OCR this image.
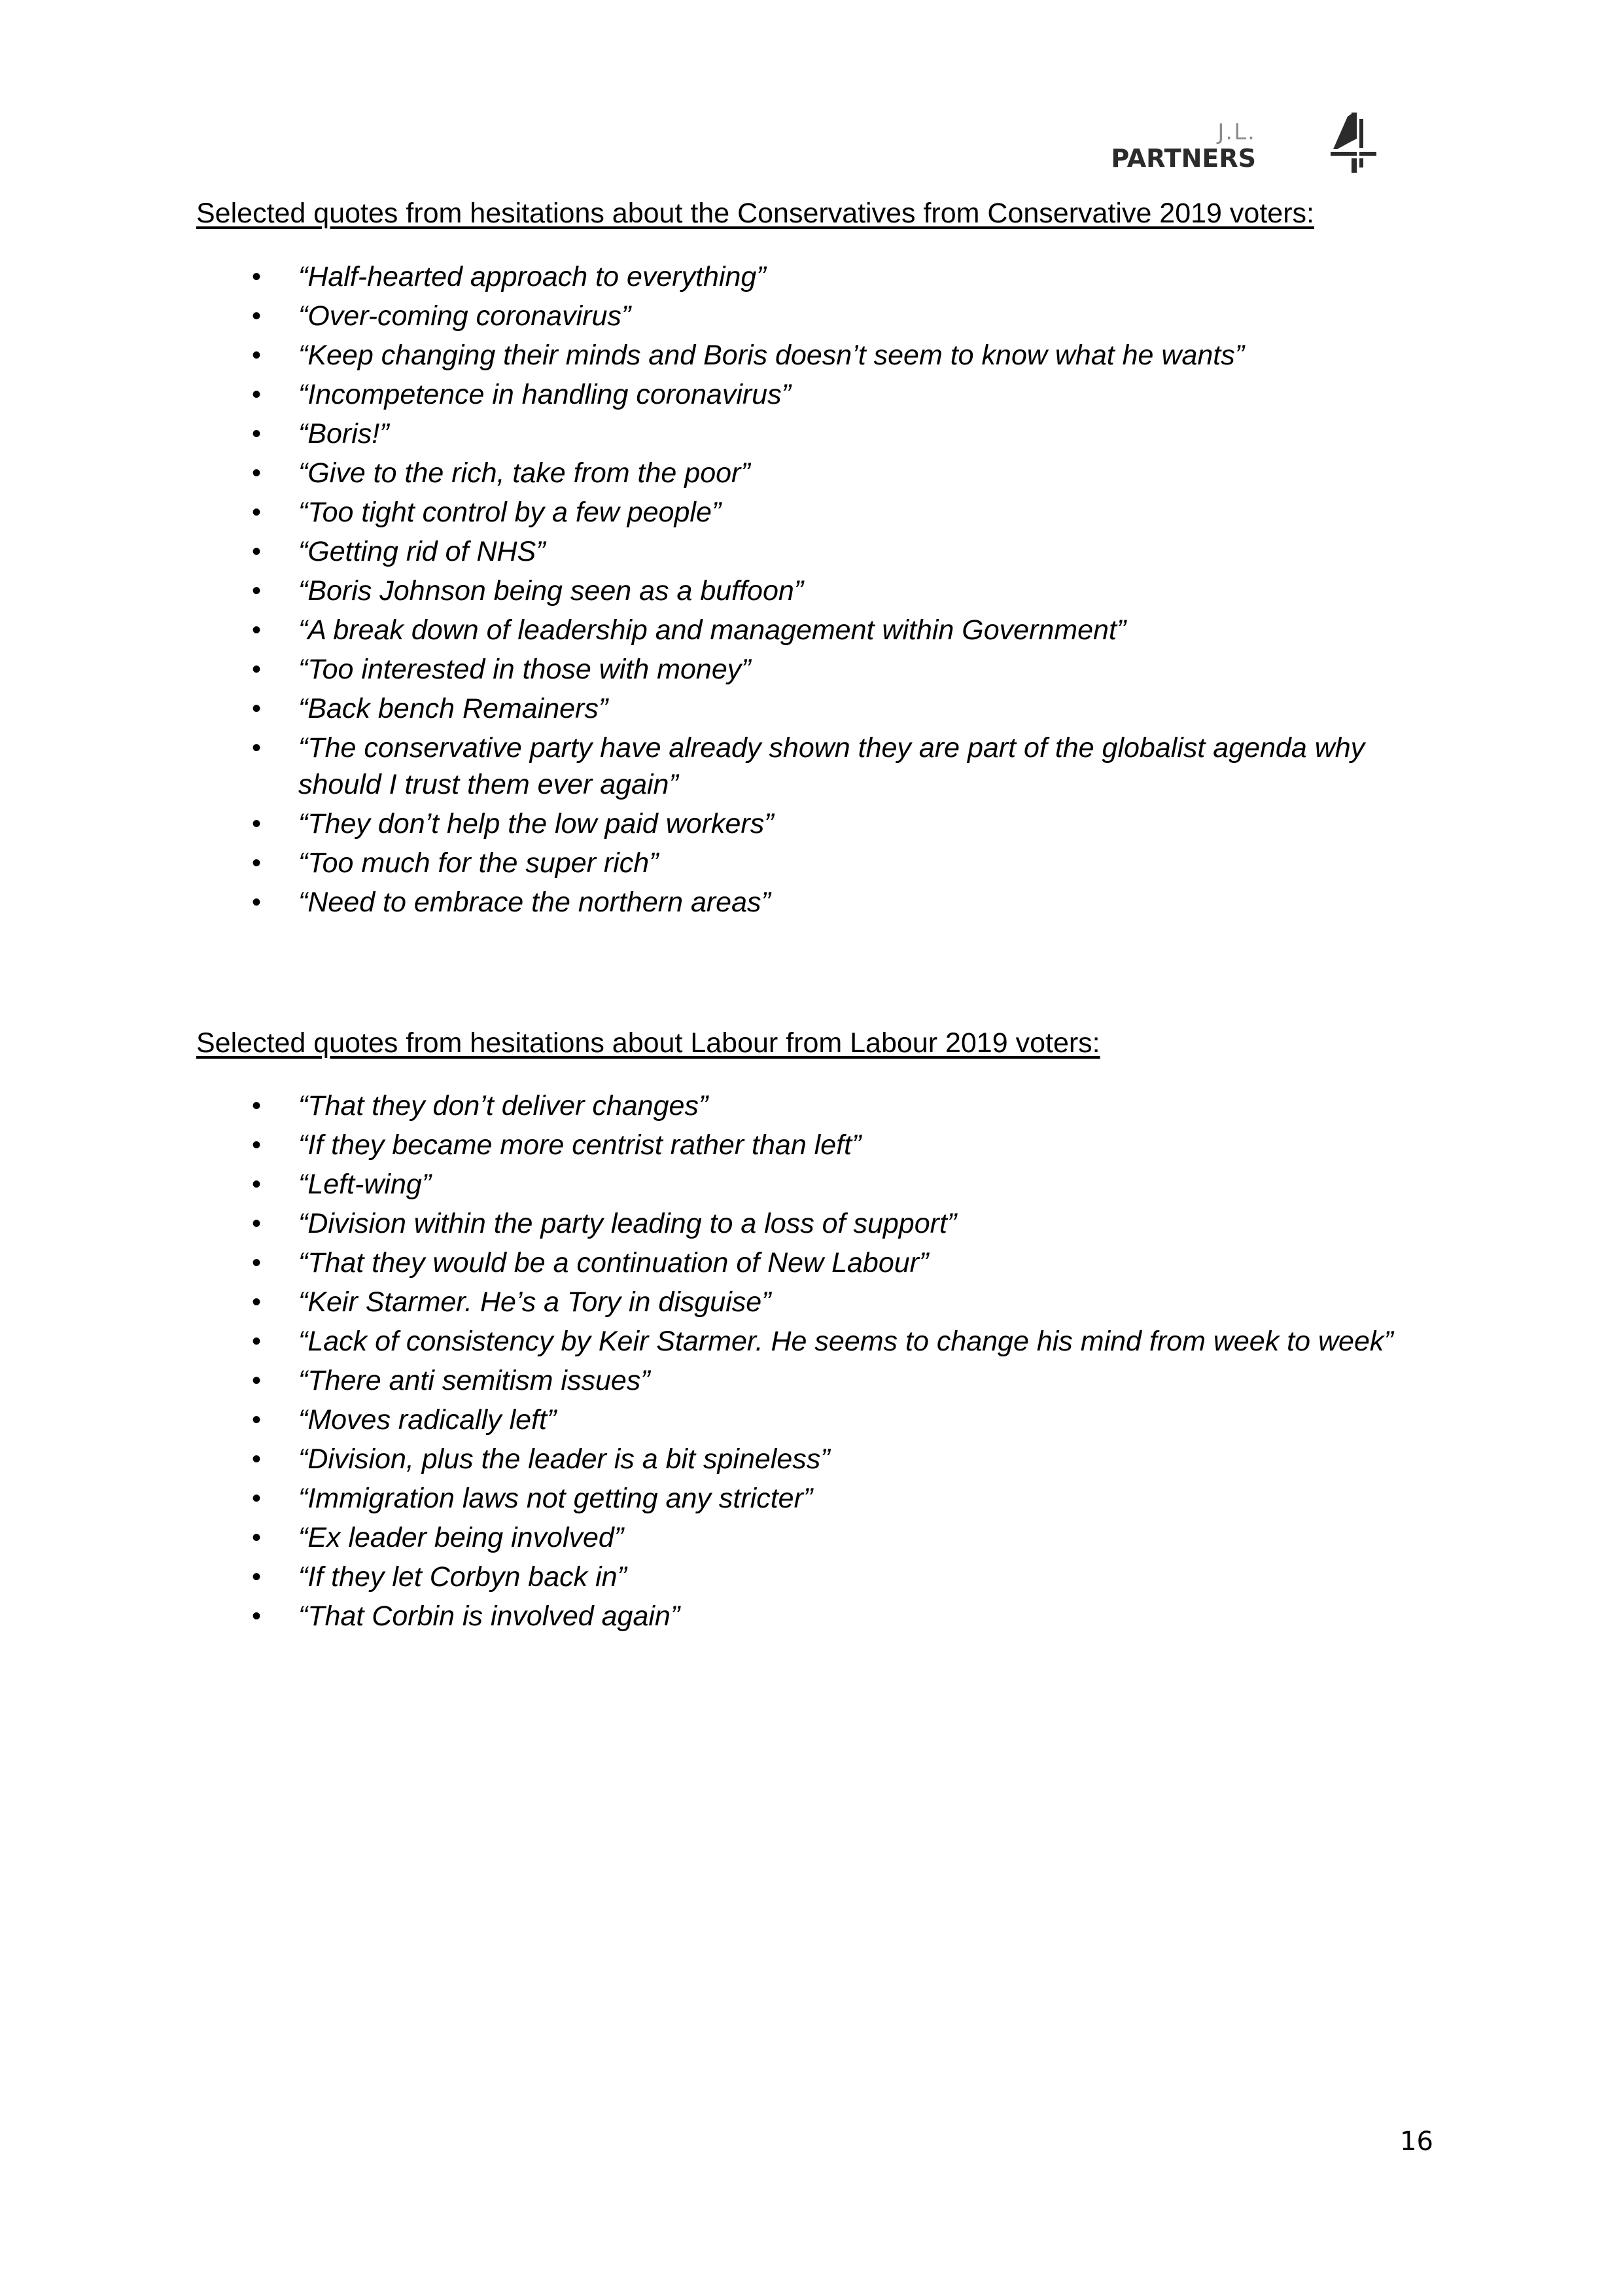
J.L.
PARTNERS
Selected quotes from hesitations about the Conservatives from Conservative 2019 voters:
• “Half-hearted approach to everything”
• “Over-coming coronavirus”
• “Keep changing their minds and Boris doesn’t seem to know what he wants”
• “Incompetence in handling coronavirus”
• “Boris!”
• “Give to the rich, take from the poor”
• “Too tight control by a few people”
• “Getting rid of NHS”
• “Boris Johnson being seen as a buffoon”
• “A break down of leadership and management within Government”
• “Too interested in those with money”
• “Back bench Remainers”
• “The conservative party have already shown they are part of the globalist agenda why should I trust them ever again”
• “They don’t help the low paid workers”
• “Too much for the super rich”
• “Need to embrace the northern areas”
Selected quotes from hesitations about Labour from Labour 2019 voters:
• “That they don’t deliver changes”
• “If they became more centrist rather than left”
• “Left-wing”
• “Division within the party leading to a loss of support”
• “That they would be a continuation of New Labour”
• “Keir Starmer. He’s a Tory in disguise”
• “Lack of consistency by Keir Starmer. He seems to change his mind from week to week”
• “There anti semitism issues”
• “Moves radically left”
• “Division, plus the leader is a bit spineless”
• “Immigration laws not getting any stricter”
• “Ex leader being involved”
• “If they let Corbyn back in”
• “That Corbin is involved again”
16
